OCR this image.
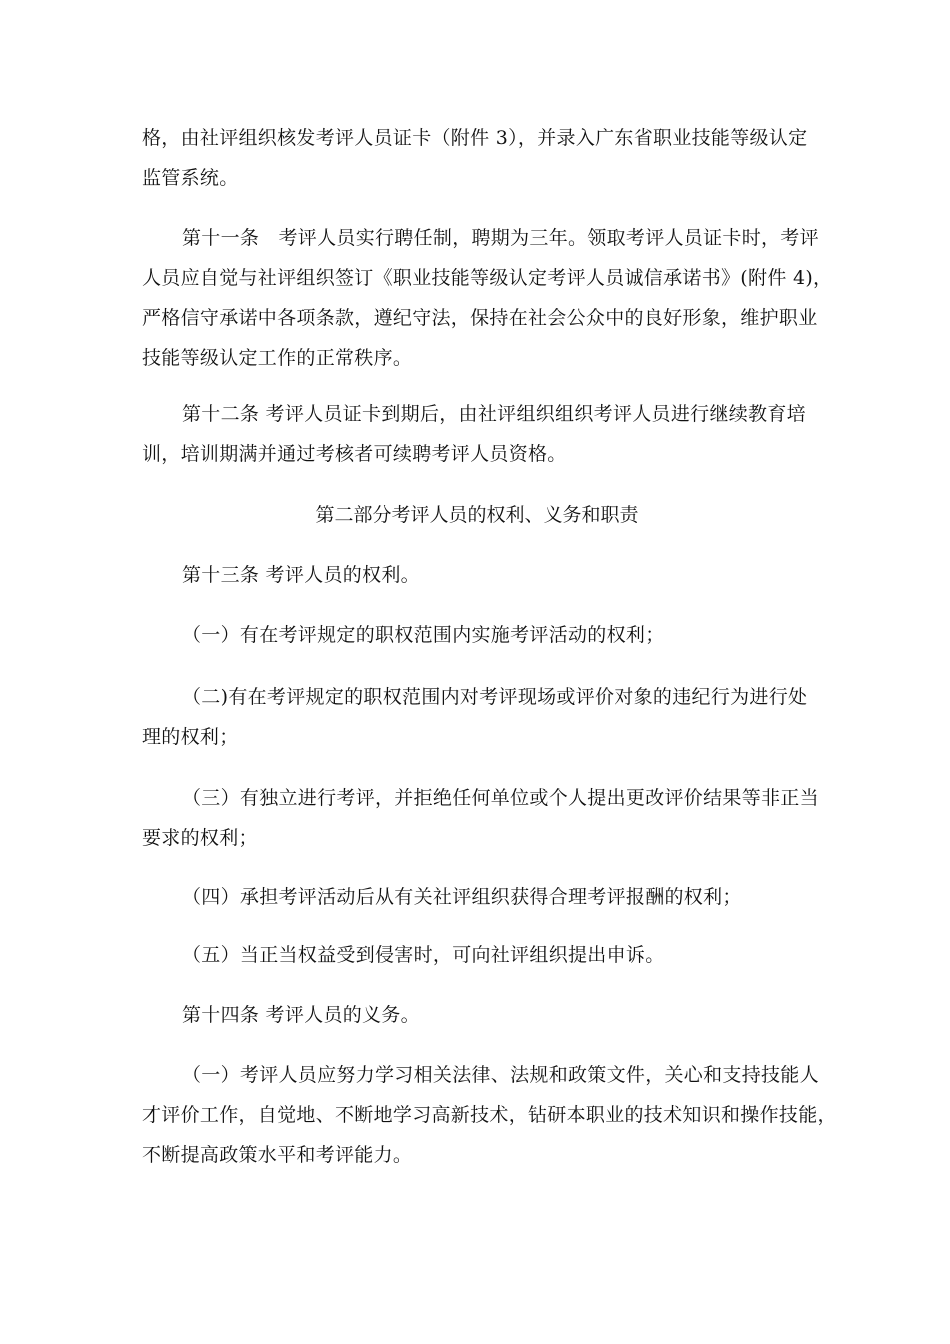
格，由社评组织核发考评人员证卡（附件 3），并录入广东省职业技能等级认定
监管系统。
第十一条　考评人员实行聘任制，聘期为三年。领取考评人员证卡时，考评
人员应自觉与社评组织签订《职业技能等级认定考评人员诚信承诺书》(附件 4)，
严格信守承诺中各项条款，遵纪守法，保持在社会公众中的良好形象，维护职业
技能等级认定工作的正常秩序。
第十二条 考评人员证卡到期后，由社评组织组织考评人员进行继续教育培
训，培训期满并通过考核者可续聘考评人员资格。
第二部分考评人员的权利、义务和职责
第十三条 考评人员的权利。
（一）有在考评规定的职权范围内实施考评活动的权利；
（二)有在考评规定的职权范围内对考评现场或评价对象的违纪行为进行处
理的权利；
（三）有独立进行考评，并拒绝任何单位或个人提出更改评价结果等非正当
要求的权利；
（四）承担考评活动后从有关社评组织获得合理考评报酬的权利；
（五）当正当权益受到侵害时，可向社评组织提出申诉。
第十四条 考评人员的义务。
（一）考评人员应努力学习相关法律、法规和政策文件，关心和支持技能人
才评价工作，自觉地、不断地学习高新技术，钻研本职业的技术知识和操作技能，
不断提高政策水平和考评能力。
